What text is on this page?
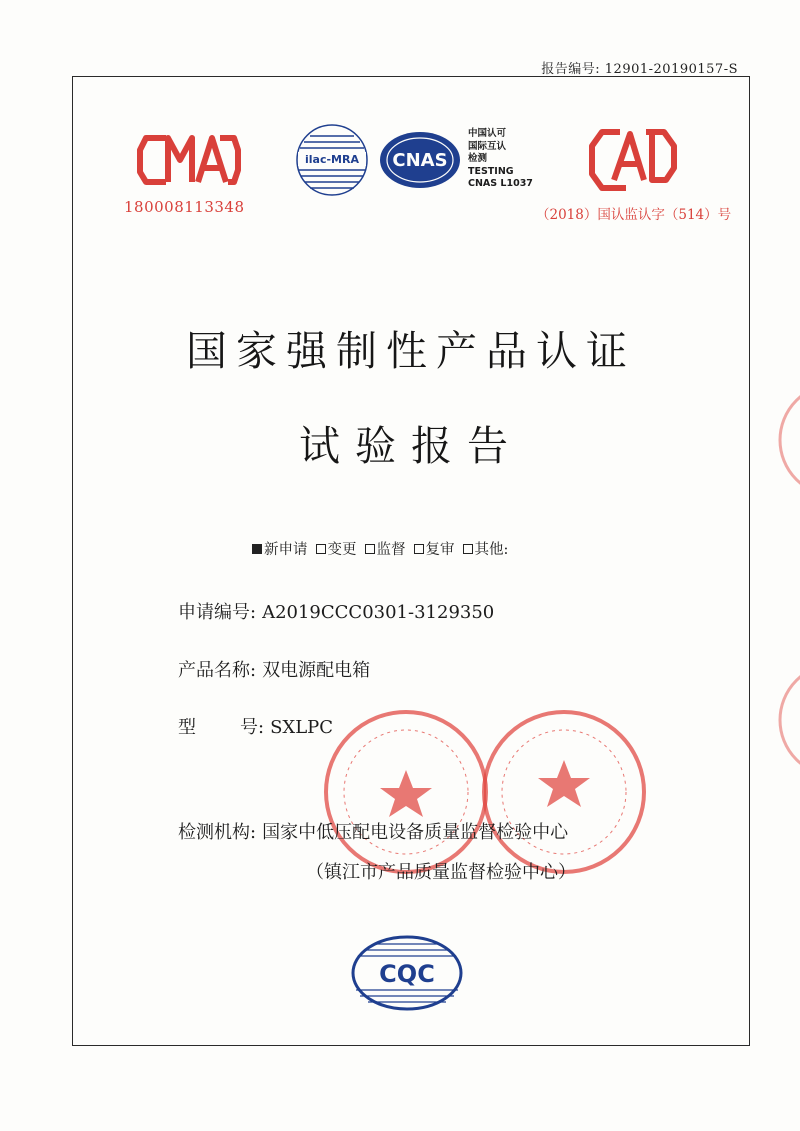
报告编号: 12901-20190157-S
180008113348
ilac-MRA CNAS
中国认可
国际互认
检测
TESTING
CNAS L1037
（2018）国认监认字（514）号
国家强制性产品认证
试验报告
新申请 变更 监督 复审 其他:
申请编号: A2019CCC0301-3129350
产品名称: 双电源配电箱
型 号: SXLPC
检测机构: 国家中低压配电设备质量监督检验中心
（镇江市产品质量监督检验中心）
CQC
